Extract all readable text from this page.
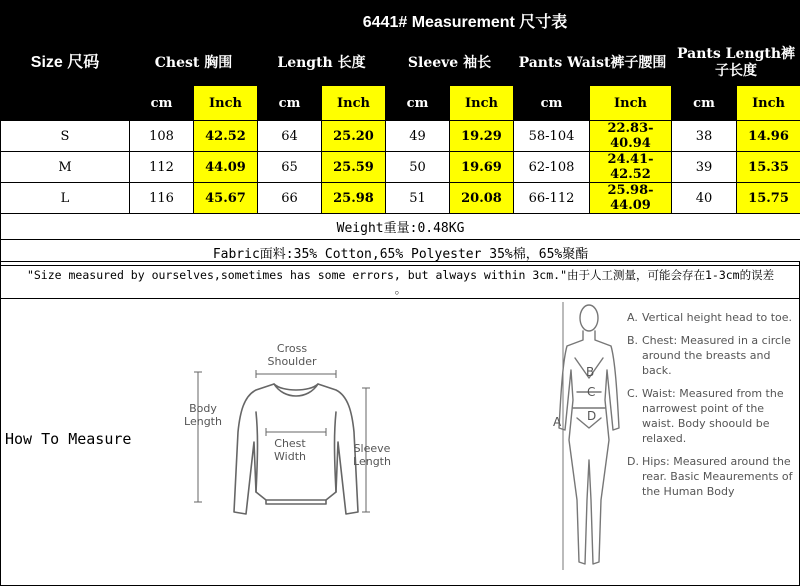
Size 尺码	6441# Measurement 尺寸表									
	Chest 胸围		Length 长度		Sleeve 袖长		Pants Waist裤子腰围		Pants Length裤子长度	
	cm	Inch	cm	Inch	cm	Inch	cm	Inch	cm	Inch
S	108	42.52	64	25.20	49	19.29	58-104	22.83-40.94	38	14.96
M	112	44.09	65	25.59	50	19.69	62-108	24.41-42.52	39	15.35
L	116	45.67	66	25.98	51	20.08	66-112	25.98-44.09	40	15.75
Weight重量:0.48KG										
Fabric面料:35% Cotton,65% Polyester 35%棉，65%聚酯										

"Size measured by ourselves,sometimes has some errors, but always within 3cm."由于人工测量，可能会存在1-3cm的误差
。										
How To Measure
Cross Shoulder
Body Length
Chest Width
Sleeve Length
A
B
C
D
A. Vertical height head to toe.
B. Chest: Measured in a circle around the breasts and back.
C. Waist: Measured from the narrowest point of the waist. Body shoould be relaxed.
D. Hips: Measured around the rear. Basic Meaurements of the Human Body
